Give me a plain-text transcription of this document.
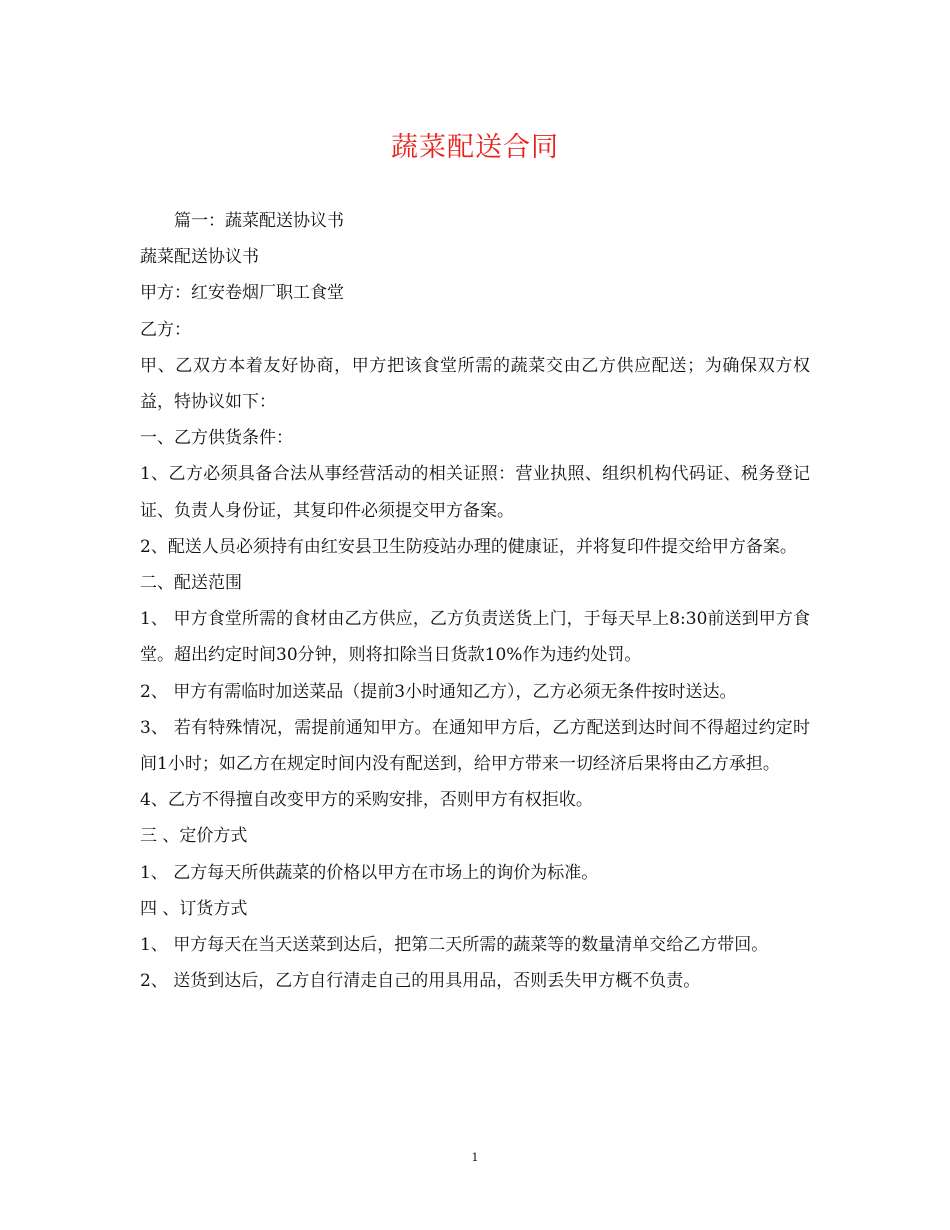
蔬菜配送合同

篇一：蔬菜配送协议书

蔬菜配送协议书

甲方：红安卷烟厂职工食堂

乙方：

甲、乙双方本着友好协商，甲方把该食堂所需的蔬菜交由乙方供应配送；为确保双方权益，特协议如下：

一、乙方供货条件：

1、乙方必须具备合法从事经营活动的相关证照：营业执照、组织机构代码证、税务登记证、负责人身份证，其复印件必须提交甲方备案。

2、配送人员必须持有由红安县卫生防疫站办理的健康证，并将复印件提交给甲方备案。

二、配送范围

1、 甲方食堂所需的食材由乙方供应，乙方负责送货上门，于每天早上8:30前送到甲方食堂。超出约定时间30分钟，则将扣除当日货款10%作为违约处罚。

2、 甲方有需临时加送菜品（提前3小时通知乙方），乙方必须无条件按时送达。

3、 若有特殊情况，需提前通知甲方。在通知甲方后，乙方配送到达时间不得超过约定时间1小时；如乙方在规定时间内没有配送到，给甲方带来一切经济后果将由乙方承担。

4、乙方不得擅自改变甲方的采购安排，否则甲方有权拒收。

三 、定价方式

1、 乙方每天所供蔬菜的价格以甲方在市场上的询价为标准。

四 、订货方式

1、 甲方每天在当天送菜到达后，把第二天所需的蔬菜等的数量清单交给乙方带回。

2、 送货到达后，乙方自行清走自己的用具用品，否则丢失甲方概不负责。

1
